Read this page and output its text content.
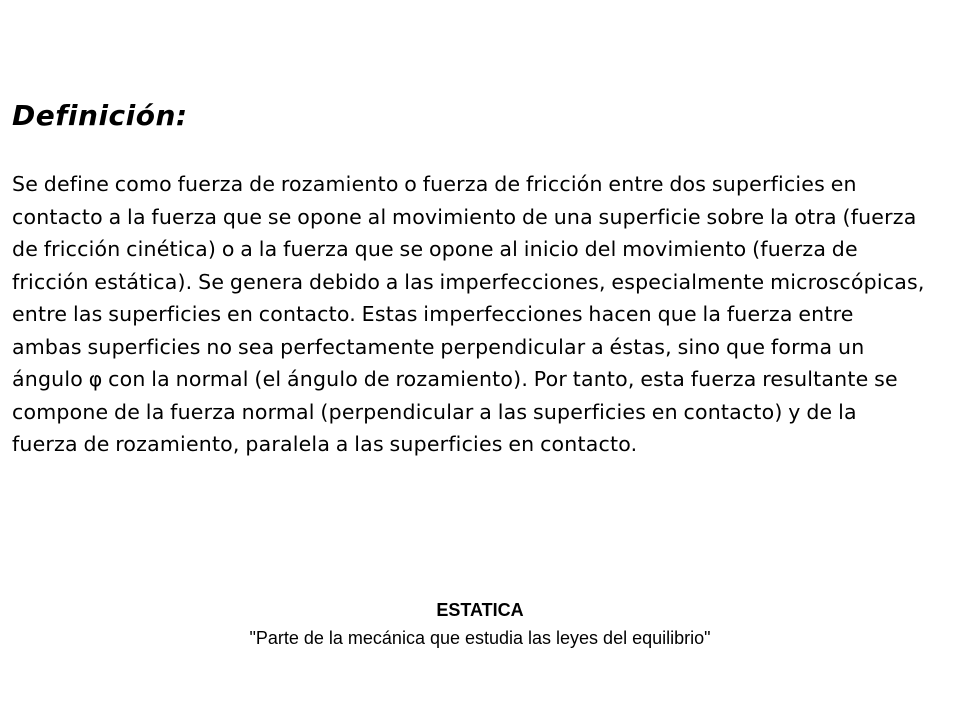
Definición:

Se define como fuerza de rozamiento o fuerza de fricción entre dos superficies en contacto a la fuerza que se opone al movimiento de una superficie sobre la otra (fuerza de fricción cinética) o a la fuerza que se opone al inicio del movimiento (fuerza de fricción estática). Se genera debido a las imperfecciones, especialmente microscópicas, entre las superficies en contacto. Estas imperfecciones hacen que la fuerza entre ambas superficies no sea perfectamente perpendicular a éstas, sino que forma un ángulo φ con la normal (el ángulo de rozamiento). Por tanto, esta fuerza resultante se compone de la fuerza normal (perpendicular a las superficies en contacto) y de la fuerza de rozamiento, paralela a las superficies en contacto.

ESTATICA
"Parte de la mecánica que estudia las leyes del equilibrio"
